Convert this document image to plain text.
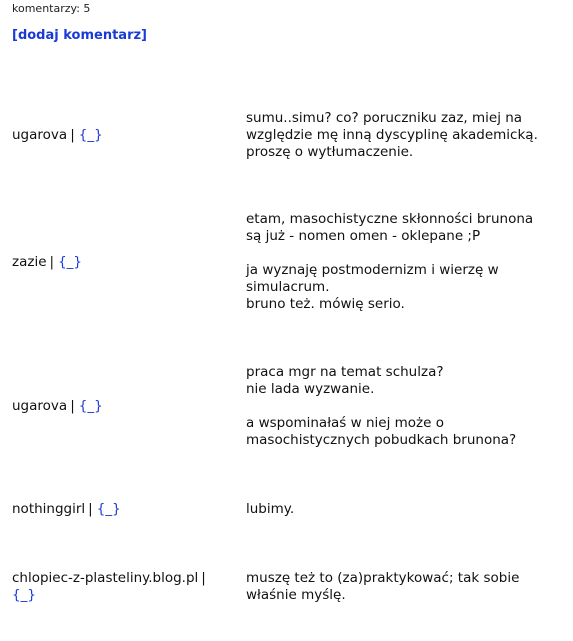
komentarzy: 5
[dodaj komentarz]
ugarova | {_}

sumu..simu? co? poruczniku zaz, miej na
względzie mę inną dyscyplinę akademicką.
proszę o wytłumaczenie.

zazie | {_}

etam, masochistyczne skłonności brunona
są już - nomen omen - oklepane ;P

ja wyznaję postmodernizm i wierzę w
simulacrum.
bruno też. mówię serio.

ugarova | {_}

praca mgr na temat schulza?
nie lada wyzwanie.

a wspominałaś w niej może o
masochistycznych pobudkach brunona?

nothinggirl | {_}	lubimy.

chlopiec-z-plasteliny.blog.pl |
{_}

muszę też to (za)praktykować; tak sobie
właśnie myślę.
